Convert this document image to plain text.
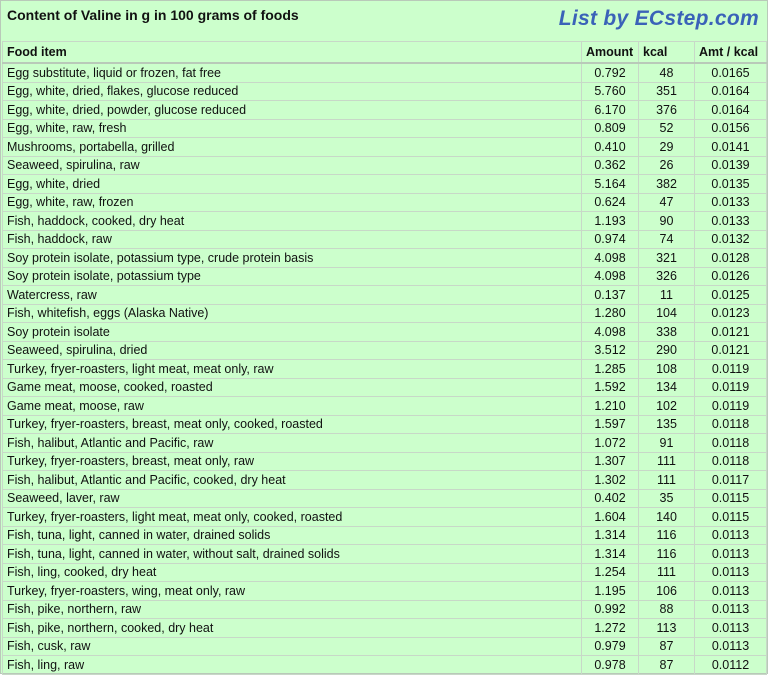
Content of Valine in g in 100 grams of foods	List by ECstep.com
Food item	Amount	kcal	Amt / kcal
Egg substitute, liquid or frozen, fat free	0.792	48	0.0165
Egg, white, dried, flakes, glucose reduced	5.760	351	0.0164
Egg, white, dried, powder, glucose reduced	6.170	376	0.0164
Egg, white, raw, fresh	0.809	52	0.0156
Mushrooms, portabella, grilled	0.410	29	0.0141
Seaweed, spirulina, raw	0.362	26	0.0139
Egg, white, dried	5.164	382	0.0135
Egg, white, raw, frozen	0.624	47	0.0133
Fish, haddock, cooked, dry heat	1.193	90	0.0133
Fish, haddock, raw	0.974	74	0.0132
Soy protein isolate, potassium type, crude protein basis	4.098	321	0.0128
Soy protein isolate, potassium type	4.098	326	0.0126
Watercress, raw	0.137	11	0.0125
Fish, whitefish, eggs (Alaska Native)	1.280	104	0.0123
Soy protein isolate	4.098	338	0.0121
Seaweed, spirulina, dried	3.512	290	0.0121
Turkey, fryer-roasters, light meat, meat only, raw	1.285	108	0.0119
Game meat, moose, cooked, roasted	1.592	134	0.0119
Game meat, moose, raw	1.210	102	0.0119
Turkey, fryer-roasters, breast, meat only, cooked, roasted	1.597	135	0.0118
Fish, halibut, Atlantic and Pacific, raw	1.072	91	0.0118
Turkey, fryer-roasters, breast, meat only, raw	1.307	111	0.0118
Fish, halibut, Atlantic and Pacific, cooked, dry heat	1.302	111	0.0117
Seaweed, laver, raw	0.402	35	0.0115
Turkey, fryer-roasters, light meat, meat only, cooked, roasted	1.604	140	0.0115
Fish, tuna, light, canned in water, drained solids	1.314	116	0.0113
Fish, tuna, light, canned in water, without salt, drained solids	1.314	116	0.0113
Fish, ling, cooked, dry heat	1.254	111	0.0113
Turkey, fryer-roasters, wing, meat only, raw	1.195	106	0.0113
Fish, pike, northern, raw	0.992	88	0.0113
Fish, pike, northern, cooked, dry heat	1.272	113	0.0113
Fish, cusk, raw	0.979	87	0.0113
Fish, ling, raw	0.978	87	0.0112
